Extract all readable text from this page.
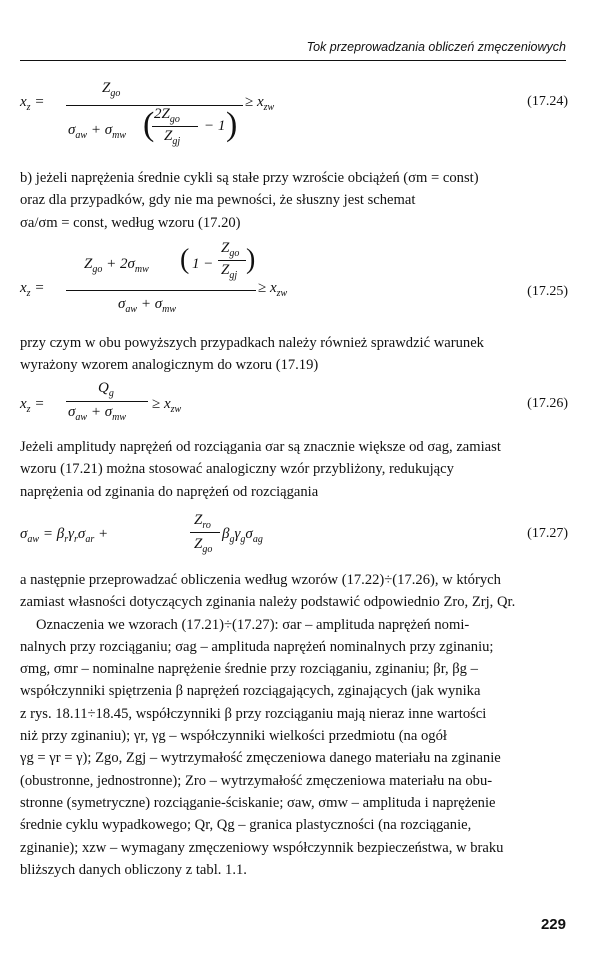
Tok przeprowadzania obliczeń zmęczeniowych
$x_z$ =
$Z_{go}$
≥ $x_{zw}$
$\sigma_{aw} + \sigma_{mw}$ ( $2Z_{go}$
$Z_{gj}$
− 1 )
(17.24)
b) jeżeli naprężenia średnie cykli są stałe przy wzroście obciążeń (σm = const)
oraz dla przypadków, gdy nie ma pewności, że słuszny jest schemat
σa/σm = const, według wzoru (17.20)
$Z_{go} + 2\sigma_{mw}$ ( 1 −
$Z_{go}$
$Z_{gj}$
)
$x_z$ =	≥ $x_{zw}$
$\sigma_{aw} + \sigma_{mw}$
(17.25)
przy czym w obu powyższych przypadkach należy również sprawdzić warunek
wyrażony wzorem analogicznym do wzoru (17.19)
$x_z$ =
$Q_g$
≥ $x_{zw}$
$\sigma_{aw} + \sigma_{mw}$
(17.26)
Jeżeli amplitudy naprężeń od rozciągania σar są znacznie większe od σag, zamiast
wzoru (17.21) można stosować analogiczny wzór przybliżony, redukujący
naprężenia od zginania do naprężeń od rozciągania
$\sigma_{aw} = \beta_r\gamma_r\sigma_{ar}$ +
$Z_{ro}$
$Z_{go}$
$\beta_g\gamma_g\sigma_{ag}$	(17.27)
a następnie przeprowadzać obliczenia według wzorów (17.22)÷(17.26), w których
zamiast własności dotyczących zginania należy podstawić odpowiednio Zro, Zrj, Qr.
Oznaczenia we wzorach (17.21)÷(17.27): σar – amplituda naprężeń nomi-
nalnych przy rozciąganiu; σag – amplituda naprężeń nominalnych przy zginaniu;
σmg, σmr – nominalne naprężenie średnie przy rozciąganiu, zginaniu; βr, βg –
współczynniki spiętrzenia β naprężeń rozciągających, zginających (jak wynika
z rys. 18.11÷18.45, współczynniki β przy rozciąganiu mają nieraz inne wartości
niż przy zginaniu); γr, γg – współczynniki wielkości przedmiotu (na ogół
γg = γr = γ); Zgo, Zgj – wytrzymałość zmęczeniowa danego materiału na zginanie
(obustronne, jednostronne); Zro – wytrzymałość zmęczeniowa materiału na obu-
stronne (symetryczne) rozciąganie-ściskanie; σaw, σmw – amplituda i naprężenie
średnie cyklu wypadkowego; Qr, Qg – granica plastyczności (na rozciąganie,
zginanie); xzw – wymagany zmęczeniowy współczynnik bezpieczeństwa, w braku
bliższych danych obliczony z tabl. 1.1.
229
